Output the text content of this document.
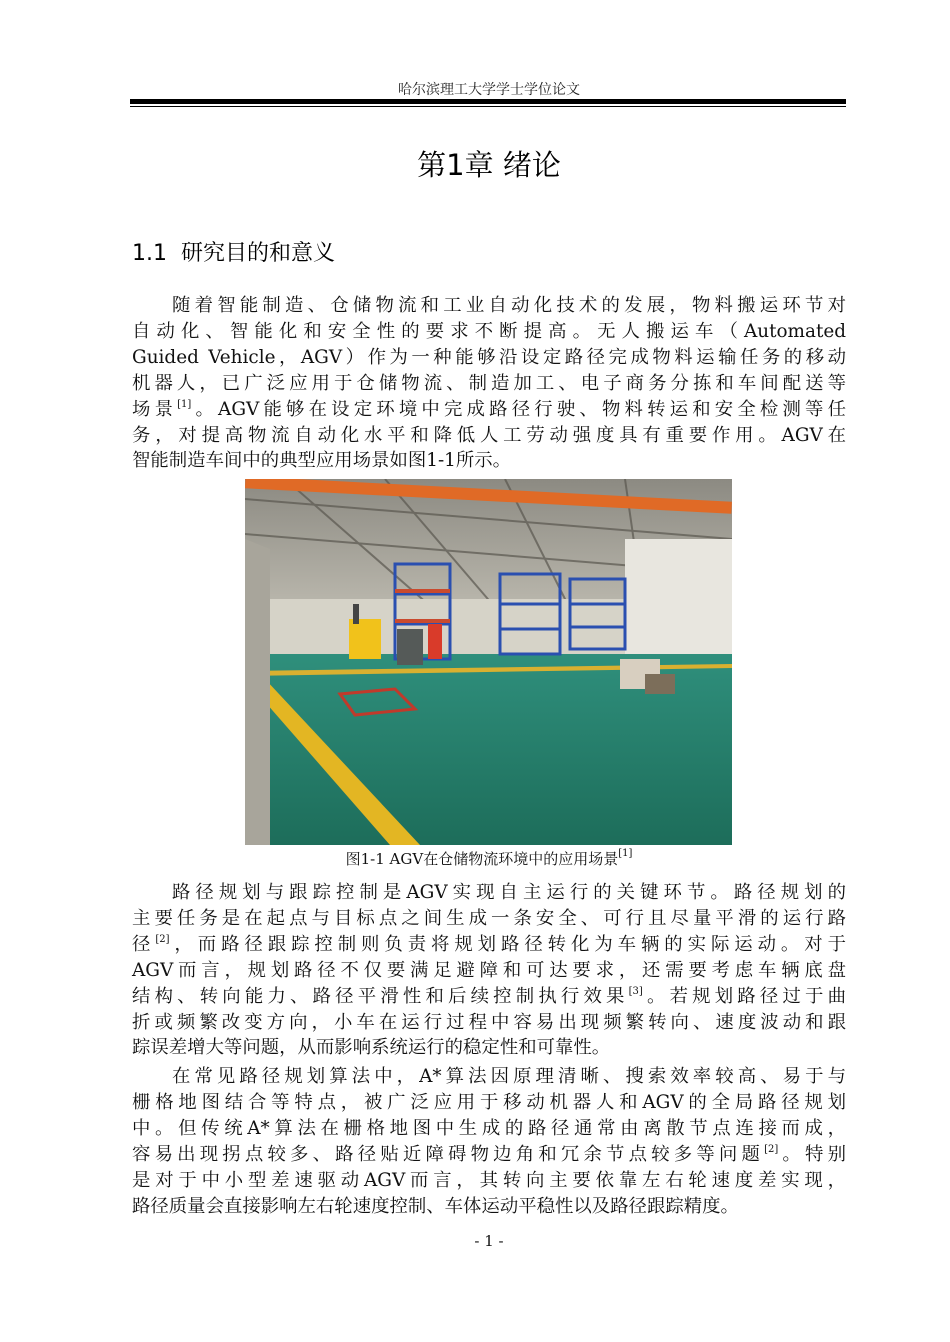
哈尔滨理工大学学士学位论文
第1章 绪论
1.1 研究目的和意义
随着智能制造、仓储物流和工业自动化技术的发展，物料搬运环节对
自动化、智能化和安全性的要求不断提高。无人搬运车（Automated
Guided Vehicle，AGV）作为一种能够沿设定路径完成物料运输任务的移动
机器人，已广泛应用于仓储物流、制造加工、电子商务分拣和车间配送等
场景[1]。AGV能够在设定环境中完成路径行驶、物料转运和安全检测等任
务，对提高物流自动化水平和降低人工劳动强度具有重要作用。AGV在
智能制造车间中的典型应用场景如图1-1所示。
图1-1 AGV在仓储物流环境中的应用场景[1]
路径规划与跟踪控制是AGV实现自主运行的关键环节。路径规划的
主要任务是在起点与目标点之间生成一条安全、可行且尽量平滑的运行路
径[2]，而路径跟踪控制则负责将规划路径转化为车辆的实际运动。对于
AGV而言，规划路径不仅要满足避障和可达要求，还需要考虑车辆底盘
结构、转向能力、路径平滑性和后续控制执行效果[3]。若规划路径过于曲
折或频繁改变方向，小车在运行过程中容易出现频繁转向、速度波动和跟
踪误差增大等问题，从而影响系统运行的稳定性和可靠性。
在常见路径规划算法中，A*算法因原理清晰、搜索效率较高、易于与
栅格地图结合等特点，被广泛应用于移动机器人和AGV的全局路径规划
中。但传统A*算法在栅格地图中生成的路径通常由离散节点连接而成，
容易出现拐点较多、路径贴近障碍物边角和冗余节点较多等问题[2]。特别
是对于中小型差速驱动AGV而言，其转向主要依靠左右轮速度差实现，
路径质量会直接影响左右轮速度控制、车体运动平稳性以及路径跟踪精度。
- 1 -
